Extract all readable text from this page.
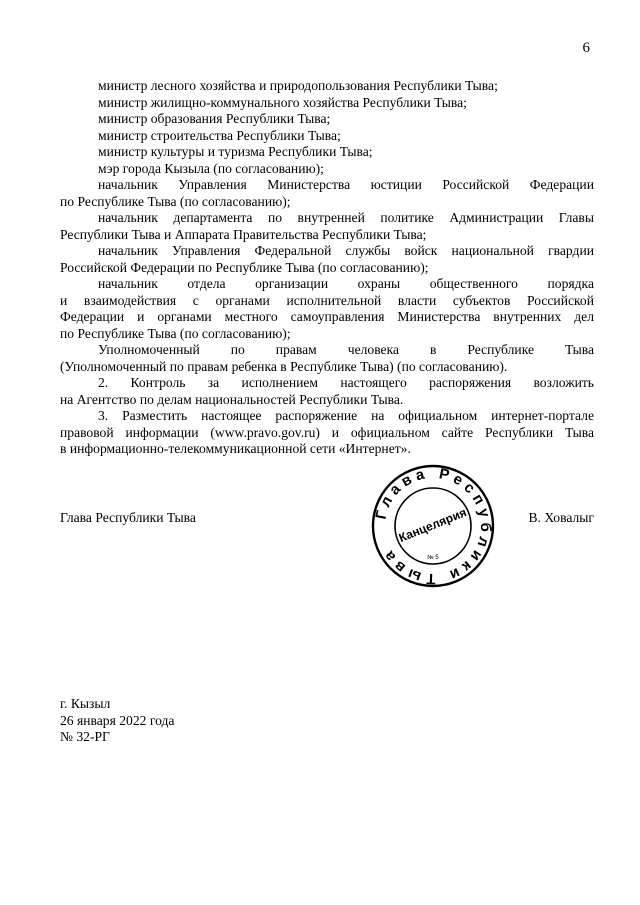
6
министр лесного хозяйства и природопользования Республики Тыва;
министр жилищно-коммунального хозяйства Республики Тыва;
министр образования Республики Тыва;
министр строительства Республики Тыва;
министр культуры и туризма Республики Тыва;
мэр города Кызыла (по согласованию);
начальник Управления Министерства юстиции Российской Федерации
по Республике Тыва (по согласованию);
начальник департамента по внутренней политике Администрации Главы
Республики Тыва и Аппарата Правительства Республики Тыва;
начальник Управления Федеральной службы войск национальной гвардии
Российской Федерации по Республике Тыва (по согласованию);
начальник отдела организации охраны общественного порядка
и взаимодействия с органами исполнительной власти субъектов Российской
Федерации и органами местного самоуправления Министерства внутренних дел
по Республике Тыва (по согласованию);
Уполномоченный по правам человека в Республике Тыва
(Уполномоченный по правам ребенка в Республике Тыва) (по согласованию).
2. Контроль за исполнением настоящего распоряжения возложить
на Агентство по делам национальностей Республики Тыва.
3. Разместить настоящее распоряжение на официальном интернет-портале
правовой информации (www.pravo.gov.ru) и официальном сайте Республики Тыва
в информационно-телекоммуникационной сети «Интернет».
Глава Республики Тыва	Глава Республики Тыва
Канцелярия
№ 5
В. Ховалыг
г. Кызыл
26 января 2022 года
№ 32-РГ
